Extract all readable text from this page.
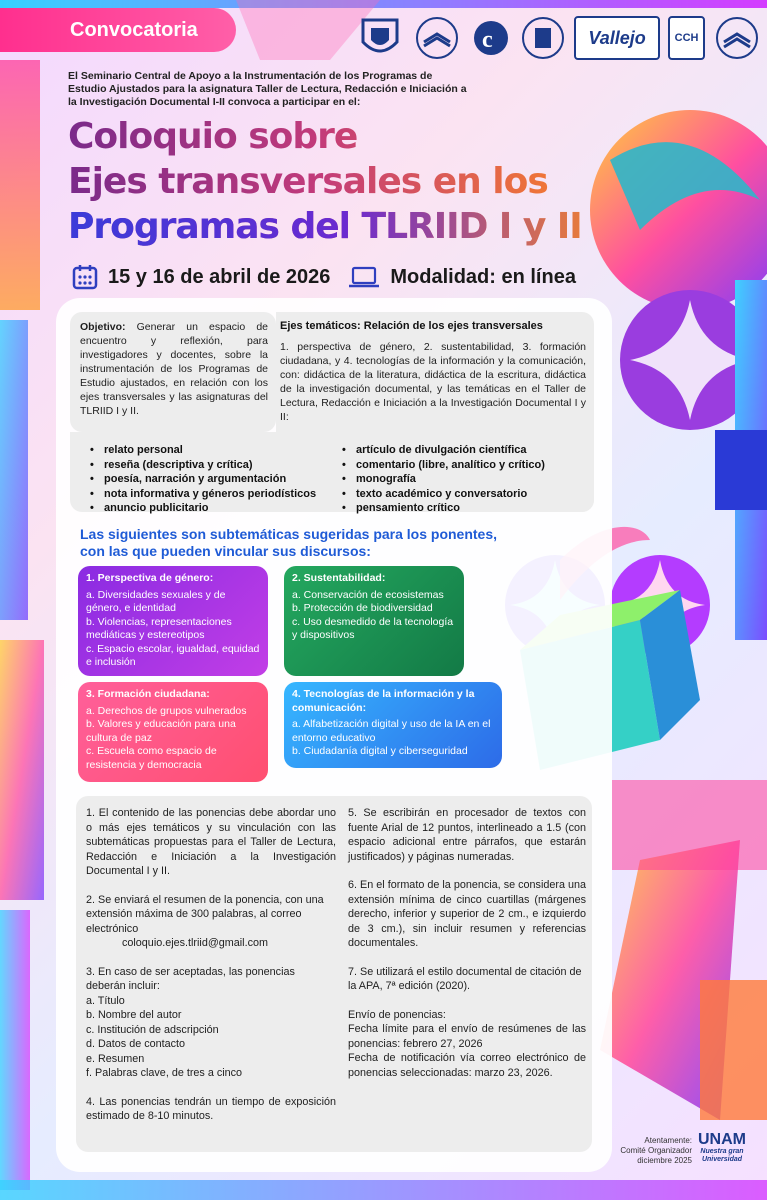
Convocatoria	c	Vallejo	CCH
El Seminario Central de Apoyo a la Instrumentación de los Programas de Estudio Ajustados para la asignatura Taller de Lectura, Redacción e Iniciación a la Investigación Documental I-II convoca a participar en el:
Coloquio sobre
Ejes transversales en los
Programas del TLRIID I y II
15 y 16 de abril de 2026	Modalidad: en línea
Objetivo: Generar un espacio de encuentro y reflexión, para investigadores y docentes, sobre la instrumentación de los Programas de Estudio ajustados, en relación con los ejes transversales y las asignaturas del TLRIID I y II.
Ejes temáticos: Relación de los ejes transversales
1. perspectiva de género, 2. sustentabilidad, 3. formación ciudadana, y 4. tecnologías de la información y la comunicación, con: didáctica de la literatura, didáctica de la escritura, didáctica de la investigación documental, y las temáticas en el Taller de Lectura, Redacción e Iniciación a la Investigación Documental I y II:
• relato personal
• reseña (descriptiva y crítica)
• poesía, narración y argumentación
• nota informativa y géneros periodísticos
• anuncio publicitario
• artículo de divulgación científica
• comentario (libre, analítico y crítico)
• monografía
• texto académico y conversatorio
• pensamiento crítico
Las siguientes son subtemáticas sugeridas para los ponentes, con las que pueden vincular sus discursos:
1. Perspectiva de género:
a. Diversidades sexuales y de género, e identidad
b. Violencias, representaciones mediáticas y estereotipos
c. Espacio escolar, igualdad, equidad e inclusión
2. Sustentabilidad:
a. Conservación de ecosistemas
b. Protección de biodiversidad
c. Uso desmedido de la tecnología y dispositivos
3. Formación ciudadana:
a. Derechos de grupos vulnerados
b. Valores y educación para una cultura de paz
c. Escuela como espacio de resistencia y democracia
4. Tecnologías de la información y la comunicación:
a. Alfabetización digital y uso de la IA en el entorno educativo
b. Ciudadanía digital y ciberseguridad

1. El contenido de las ponencias debe abordar uno o más ejes temáticos y su vinculación con las subtemáticas propuestas para el Taller de Lectura, Redacción e Iniciación a la Investigación Documental I y II.

2. Se enviará el resumen de la ponencia, con una extensión máxima de 300 palabras, al correo electrónico

coloquio.ejes.tlriid@gmail.com

3. En caso de ser aceptadas, las ponencias deberán incluir:

a. Título

b. Nombre del autor

c. Institución de adscripción

d. Datos de contacto

e. Resumen

f. Palabras clave, de tres a cinco

4. Las ponencias tendrán un tiempo de exposición estimado de 8-10 minutos.

5. Se escribirán en procesador de textos con fuente Arial de 12 puntos, interlineado a 1.5 (con espacio adicional entre párrafos, que estarán justificados) y páginas numeradas.

6. En el formato de la ponencia, se considera una extensión mínima de cinco cuartillas (márgenes derecho, inferior y superior de 2 cm., e izquierdo de 3 cm.), sin incluir resumen y referencias documentales.

7. Se utilizará el estilo documental de citación de la APA, 7ª edición (2020).

Envío de ponencias:

Fecha límite para el envío de resúmenes de las ponencias: febrero 27, 2026

Fecha de notificación vía correo electrónico de ponencias seleccionadas: marzo 23, 2026.

Atentamente:
Comité Organizador
diciembre 2025
UNAM
Nuestra gran Universidad
